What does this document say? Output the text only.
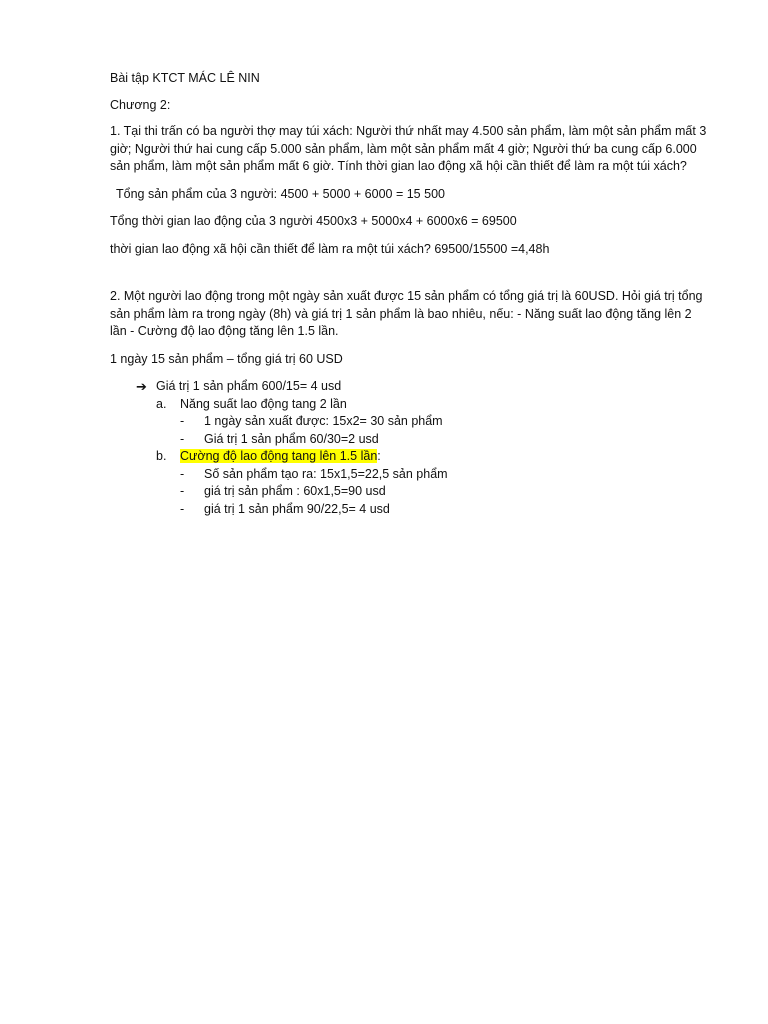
Bài tập KTCT MÁC LÊ NIN

Chương 2:

1. Tại thi trấn có ba người thợ may túi xách: Người thứ nhất may 4.500 sản phẩm, làm một sản phẩm mất 3 giờ; Người thứ hai cung cấp 5.000 sản phẩm, làm một sản phẩm mất 4 giờ; Người thứ ba cung cấp 6.000 sản phẩm, làm một sản phẩm mất 6 giờ. Tính thời gian lao động xã hội cần thiết để làm ra một túi xách?

Tổng sản phẩm của 3 người: 4500 + 5000 + 6000 = 15 500

Tổng thời gian lao động của 3 người 4500x3 + 5000x4 + 6000x6 = 69500

thời gian lao động xã hội cần thiết để làm ra một túi xách? 69500/15500 =4,48h

2. Một người lao động trong một ngày sản xuất được 15 sản phẩm có tổng giá trị là 60USD. Hỏi giá trị tổng sản phẩm làm ra trong ngày (8h) và giá trị 1 sản phẩm là bao nhiêu, nếu: - Năng suất lao động tăng lên 2 lần - Cường độ lao động tăng lên 1.5 lần.

1 ngày 15 sản phẩm – tổng giá trị 60 USD

➔ Giá trị 1 sản phẩm 600/15= 4 usd
a.	Năng suất lao động tang 2 lần
-	1 ngày sản xuất được: 15x2= 30 sản phẩm
-	Giá trị 1 sản phẩm 60/30=2 usd
b.	Cường độ lao động tang lên 1.5 lần:
-	Số sản phẩm tạo ra: 15x1,5=22,5 sản phẩm
-	giá trị sản phẩm : 60x1,5=90 usd
-	giá trị 1 sản phẩm 90/22,5= 4 usd
